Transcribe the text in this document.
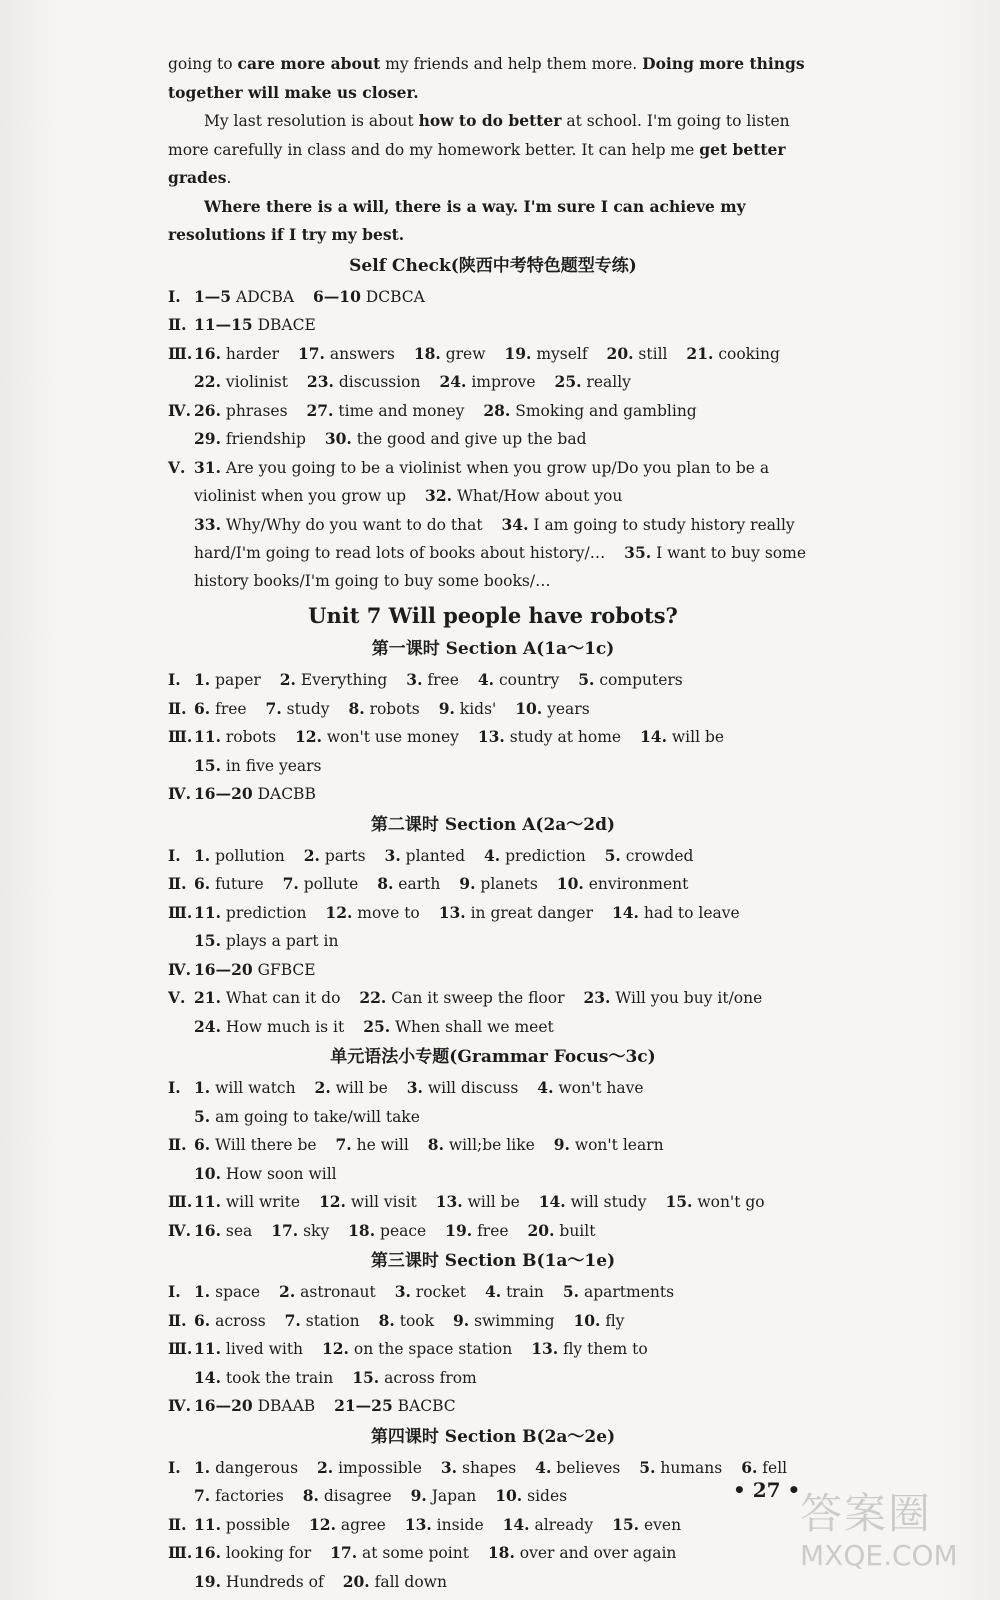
going to care more about my friends and help them more. Doing more things together will make us closer.

My last resolution is about how to do better at school. I'm going to listen more carefully in class and do my homework better. It can help me get better grades.

Where there is a will, there is a way. I'm sure I can achieve my resolutions if I try my best.

Self Check(陕西中考特色题型专练)
Ⅰ. 1—5 ADCBA 6—10 DCBCA
Ⅱ. 11—15 DBACE
Ⅲ. 16. harder 17. answers 18. grew 19. myself 20. still 21. cooking 22. violinist 23. discussion 24. improve 25. really
Ⅳ. 26. phrases 27. time and money 28. Smoking and gambling 29. friendship 30. the good and give up the bad
Ⅴ. 31. Are you going to be a violinist when you grow up/Do you plan to be a violinist when you grow up 32. What/How about you 33. Why/Why do you want to do that 34. I am going to study history really hard/I'm going to read lots of books about history/… 35. I want to buy some history books/I'm going to buy some books/…
Unit 7 Will people have robots?
第一课时 Section A(1a～1c)
Ⅰ. 1. paper 2. Everything 3. free 4. country 5. computers
Ⅱ. 6. free 7. study 8. robots 9. kids' 10. years
Ⅲ. 11. robots 12. won't use money 13. study at home 14. will be 15. in five years
Ⅳ. 16—20 DACBB
第二课时 Section A(2a～2d)
Ⅰ. 1. pollution 2. parts 3. planted 4. prediction 5. crowded
Ⅱ. 6. future 7. pollute 8. earth 9. planets 10. environment
Ⅲ. 11. prediction 12. move to 13. in great danger 14. had to leave 15. plays a part in
Ⅳ. 16—20 GFBCE
Ⅴ. 21. What can it do 22. Can it sweep the floor 23. Will you buy it/one 24. How much is it 25. When shall we meet
单元语法小专题(Grammar Focus～3c)
Ⅰ. 1. will watch 2. will be 3. will discuss 4. won't have 5. am going to take/will take
Ⅱ. 6. Will there be 7. he will 8. will;be like 9. won't learn 10. How soon will
Ⅲ. 11. will write 12. will visit 13. will be 14. will study 15. won't go
Ⅳ. 16. sea 17. sky 18. peace 19. free 20. built
第三课时 Section B(1a～1e)
Ⅰ. 1. space 2. astronaut 3. rocket 4. train 5. apartments
Ⅱ. 6. across 7. station 8. took 9. swimming 10. fly
Ⅲ. 11. lived with 12. on the space station 13. fly them to 14. took the train 15. across from
Ⅳ. 16—20 DBAAB 21—25 BACBC
第四课时 Section B(2a～2e)
Ⅰ. 1. dangerous 2. impossible 3. shapes 4. believes 5. humans 6. fell 7. factories 8. disagree 9. Japan 10. sides
Ⅱ. 11. possible 12. agree 13. inside 14. already 15. even
Ⅲ. 16. looking for 17. at some point 18. over and over again 19. Hundreds of 20. fall down
• 27 • 答案圈
MXQE.COM
